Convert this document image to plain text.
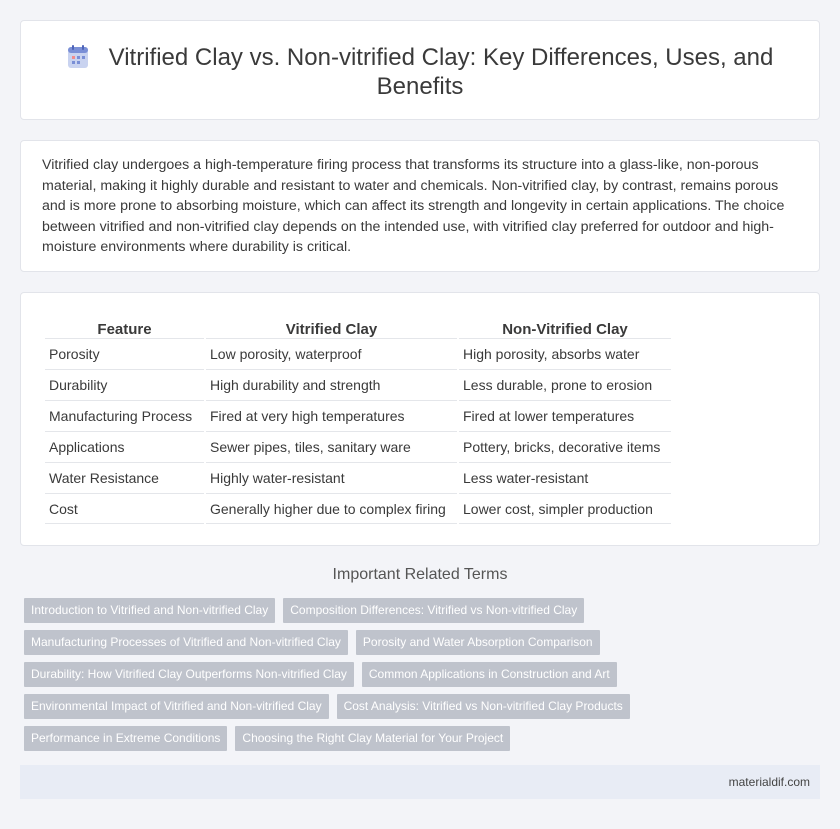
Vitrified Clay vs. Non-vitrified Clay: Key Differences, Uses, and Benefits

Vitrified clay undergoes a high-temperature firing process that transforms its structure into a glass-like, non-porous material, making it highly durable and resistant to water and chemicals. Non-vitrified clay, by contrast, remains porous and is more prone to absorbing moisture, which can affect its strength and longevity in certain applications. The choice between vitrified and non-vitrified clay depends on the intended use, with vitrified clay preferred for outdoor and high-moisture environments where durability is critical.

Feature	Vitrified Clay	Non-Vitrified Clay
Porosity	Low porosity, waterproof	High porosity, absorbs water
Durability	High durability and strength	Less durable, prone to erosion
Manufacturing Process	Fired at very high temperatures	Fired at lower temperatures
Applications	Sewer pipes, tiles, sanitary ware	Pottery, bricks, decorative items
Water Resistance	Highly water-resistant	Less water-resistant
Cost	Generally higher due to complex firing	Lower cost, simpler production
Important Related Terms
Introduction to Vitrified and Non-vitrified Clay	Composition Differences: Vitrified vs Non-vitrified Clay
Manufacturing Processes of Vitrified and Non-vitrified Clay	Porosity and Water Absorption Comparison
Durability: How Vitrified Clay Outperforms Non-vitrified Clay	Common Applications in Construction and Art
Environmental Impact of Vitrified and Non-vitrified Clay	Cost Analysis: Vitrified vs Non-vitrified Clay Products
Performance in Extreme Conditions	Choosing the Right Clay Material for Your Project
materialdif.com
